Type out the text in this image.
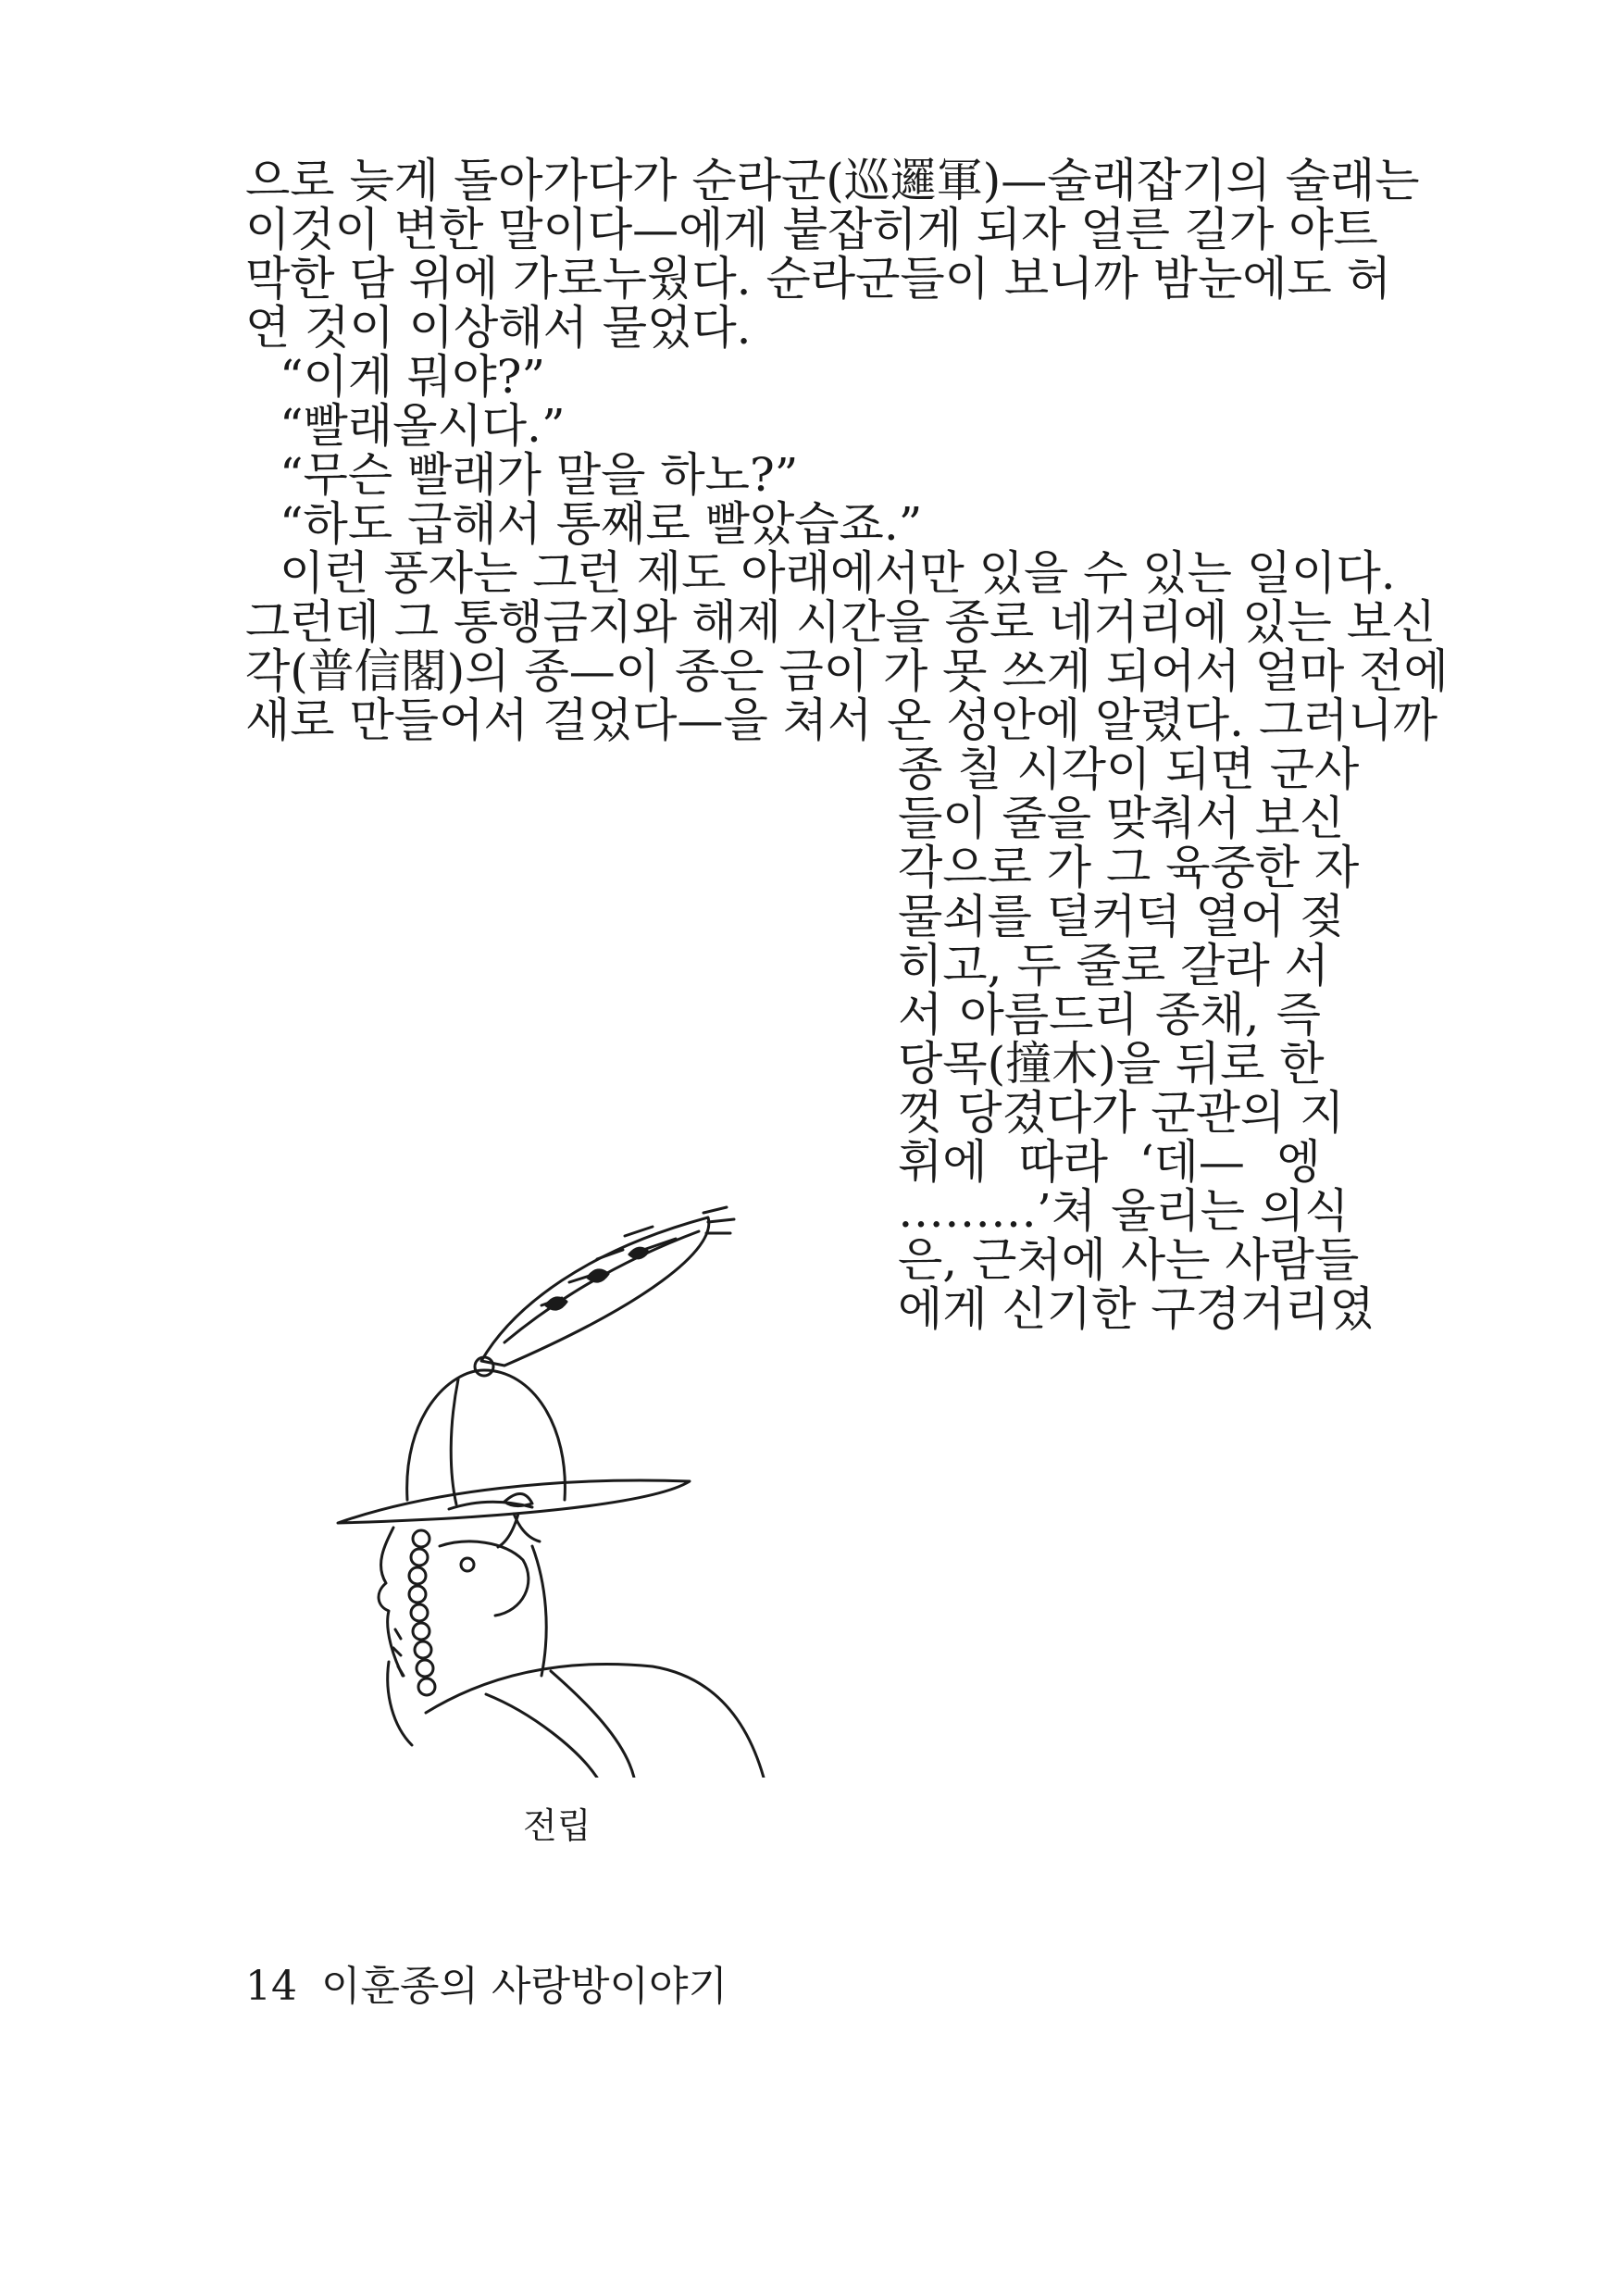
으로 늦게 돌아가다가 순라군(巡邏軍)—술래잡기의 술래는
이것이 변한 말이다—에게 붙잡히게 되자 얼른 길가 야트
막한 담 위에 가로누웠다. 순라군들이 보니까 밤눈에도 허
연 것이 이상해서 물었다.
“이게 뭐야?”
“빨래올시다.”
“무슨 빨래가 말을 하노?”
“하도 급해서 통째로 빨았습죠.”
이런 풍자는 그런 제도 아래에서만 있을 수 있는 일이다.
그런데 그 통행금지와 해제 시간을 종로 네거리에 있는 보신
각(普信閣)의 종—이 종은 금이 가 못 쓰게 되어서 얼마 전에
새로 만들어서 걸었다—을 쳐서 온 성안에 알렸다. 그러니까
종 칠 시각이 되면 군사
들이 줄을 맞춰서 보신
각으로 가 그 육중한 자
물쇠를 덜커덕 열어 젖
히고, 두 줄로 갈라 서
서 아름드리 종채, 즉
당목(撞木)을 뒤로 한
껏 당겼다가 군관의 지
휘에 따라 ‘데— 엥
………’쳐 울리는 의식
은, 근처에 사는 사람들
에게 신기한 구경거리였
전립
14 이훈종의 사랑방이야기
